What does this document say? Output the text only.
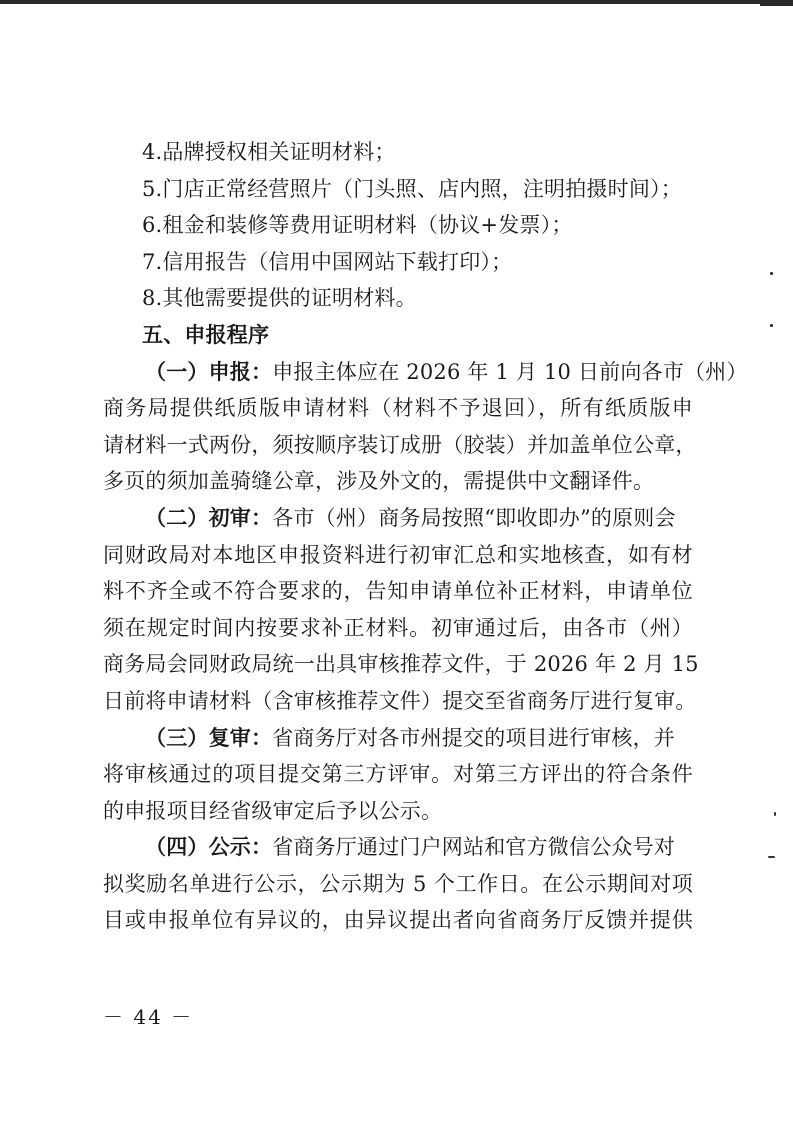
4.品牌授权相关证明材料；
5.门店正常经营照片（门头照、店内照，注明拍摄时间）；
6.租金和装修等费用证明材料（协议+发票）；
7.信用报告（信用中国网站下载打印）；
8.其他需要提供的证明材料。
五、申报程序
（一）申报：申报主体应在 2026 年 1 月 10 日前向各市（州）
商务局提供纸质版申请材料（材料不予退回），所有纸质版申
请材料一式两份，须按顺序装订成册（胶装）并加盖单位公章，
多页的须加盖骑缝公章，涉及外文的，需提供中文翻译件。
（二）初审：各市（州）商务局按照“即收即办”的原则会
同财政局对本地区申报资料进行初审汇总和实地核查，如有材
料不齐全或不符合要求的，告知申请单位补正材料，申请单位
须在规定时间内按要求补正材料。初审通过后，由各市（州）
商务局会同财政局统一出具审核推荐文件，于 2026 年 2 月 15
日前将申请材料（含审核推荐文件）提交至省商务厅进行复审。
（三）复审：省商务厅对各市州提交的项目进行审核，并
将审核通过的项目提交第三方评审。对第三方评出的符合条件
的申报项目经省级审定后予以公示。
（四）公示：省商务厅通过门户网站和官方微信公众号对
拟奖励名单进行公示，公示期为 5 个工作日。在公示期间对项
目或申报单位有异议的，由异议提出者向省商务厅反馈并提供
－ 44 －
